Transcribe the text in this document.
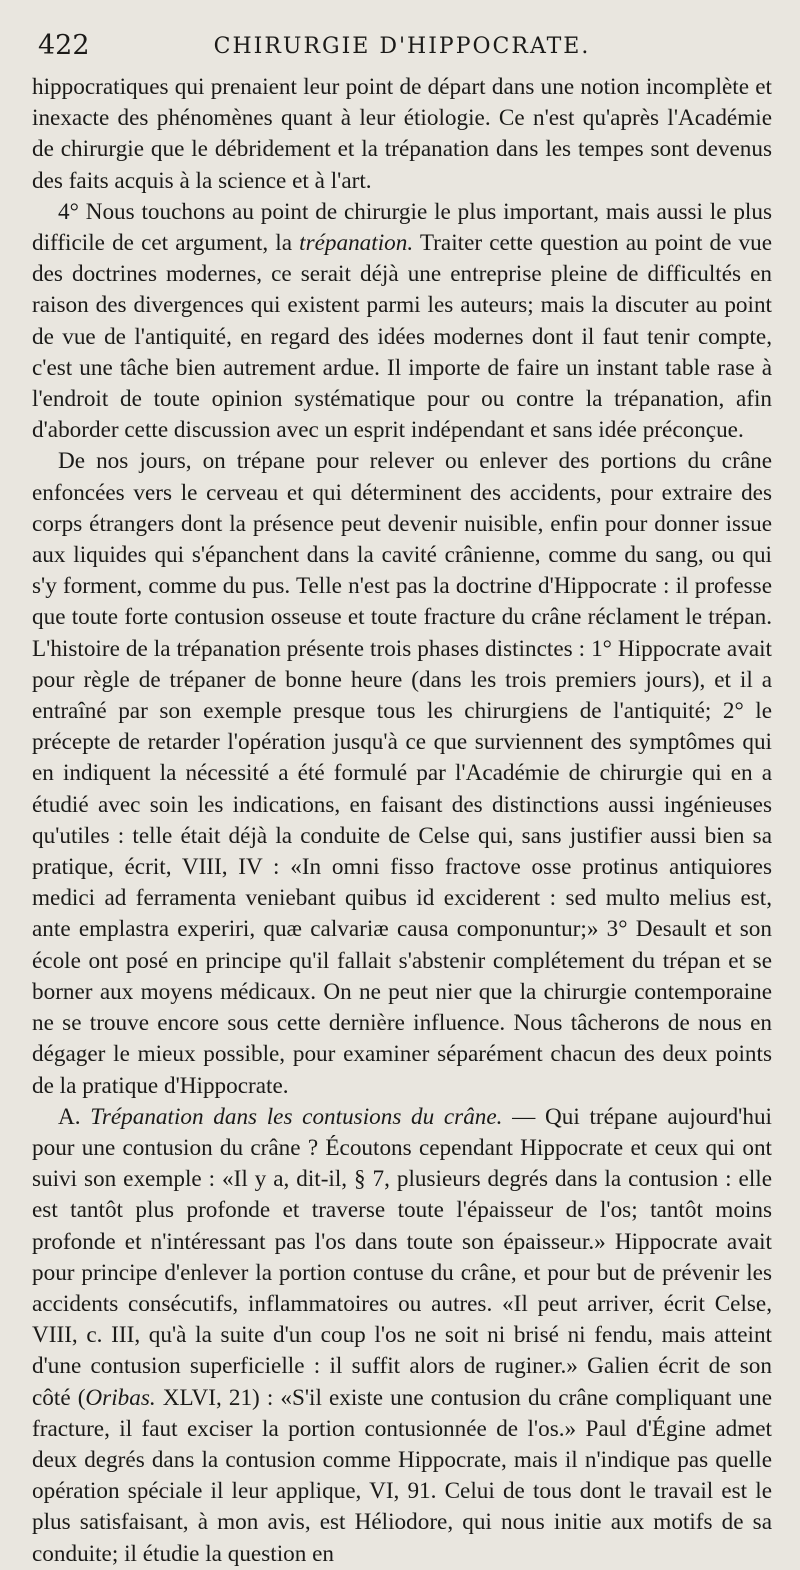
422	CHIRURGIE D'HIPPOCRATE.

hippocratiques qui prenaient leur point de départ dans une notion incomplète et inexacte des phénomènes quant à leur étiologie. Ce n'est qu'après l'Académie de chirurgie que le débridement et la trépanation dans les tempes sont devenus des faits acquis à la science et à l'art.

4° Nous touchons au point de chirurgie le plus important, mais aussi le plus difficile de cet argument, la trépanation. Traiter cette question au point de vue des doctrines modernes, ce serait déjà une entreprise pleine de difficultés en raison des divergences qui existent parmi les auteurs; mais la discuter au point de vue de l'antiquité, en regard des idées modernes dont il faut tenir compte, c'est une tâche bien autrement ardue. Il importe de faire un instant table rase à l'endroit de toute opinion systématique pour ou contre la trépanation, afin d'aborder cette discussion avec un esprit indépendant et sans idée préconçue.

De nos jours, on trépane pour relever ou enlever des portions du crâne enfoncées vers le cerveau et qui déterminent des accidents, pour extraire des corps étrangers dont la présence peut devenir nuisible, enfin pour donner issue aux liquides qui s'épanchent dans la cavité crânienne, comme du sang, ou qui s'y forment, comme du pus. Telle n'est pas la doctrine d'Hippocrate : il professe que toute forte contusion osseuse et toute fracture du crâne réclament le trépan. L'histoire de la trépanation présente trois phases distinctes : 1° Hippocrate avait pour règle de trépaner de bonne heure (dans les trois premiers jours), et il a entraîné par son exemple presque tous les chirurgiens de l'antiquité; 2° le précepte de retarder l'opération jusqu'à ce que surviennent des symptômes qui en indiquent la nécessité a été formulé par l'Académie de chirurgie qui en a étudié avec soin les indications, en faisant des distinctions aussi ingénieuses qu'utiles : telle était déjà la conduite de Celse qui, sans justifier aussi bien sa pratique, écrit, VIII, IV : «In omni fisso fractove osse protinus antiquiores medici ad ferramenta veniebant quibus id exciderent : sed multo melius est, ante emplastra experiri, quæ calvariæ causa componuntur;» 3° Desault et son école ont posé en principe qu'il fallait s'abstenir complétement du trépan et se borner aux moyens médicaux. On ne peut nier que la chirurgie contemporaine ne se trouve encore sous cette dernière influence. Nous tâcherons de nous en dégager le mieux possible, pour examiner séparément chacun des deux points de la pratique d'Hippocrate.

A. Trépanation dans les contusions du crâne. — Qui trépane aujourd'hui pour une contusion du crâne ? Écoutons cependant Hippocrate et ceux qui ont suivi son exemple : «Il y a, dit-il, § 7, plusieurs degrés dans la contusion : elle est tantôt plus profonde et traverse toute l'épaisseur de l'os; tantôt moins profonde et n'intéressant pas l'os dans toute son épaisseur.» Hippocrate avait pour principe d'enlever la portion contuse du crâne, et pour but de prévenir les accidents consécutifs, inflammatoires ou autres. «Il peut arriver, écrit Celse, VIII, c. III, qu'à la suite d'un coup l'os ne soit ni brisé ni fendu, mais atteint d'une contusion superficielle : il suffit alors de ruginer.» Galien écrit de son côté (Oribas. XLVI, 21) : «S'il existe une contusion du crâne compliquant une fracture, il faut exciser la portion contusionnée de l'os.» Paul d'Égine admet deux degrés dans la contusion comme Hippocrate, mais il n'indique pas quelle opération spéciale il leur applique, VI, 91. Celui de tous dont le travail est le plus satisfaisant, à mon avis, est Héliodore, qui nous initie aux motifs de sa conduite; il étudie la question en
